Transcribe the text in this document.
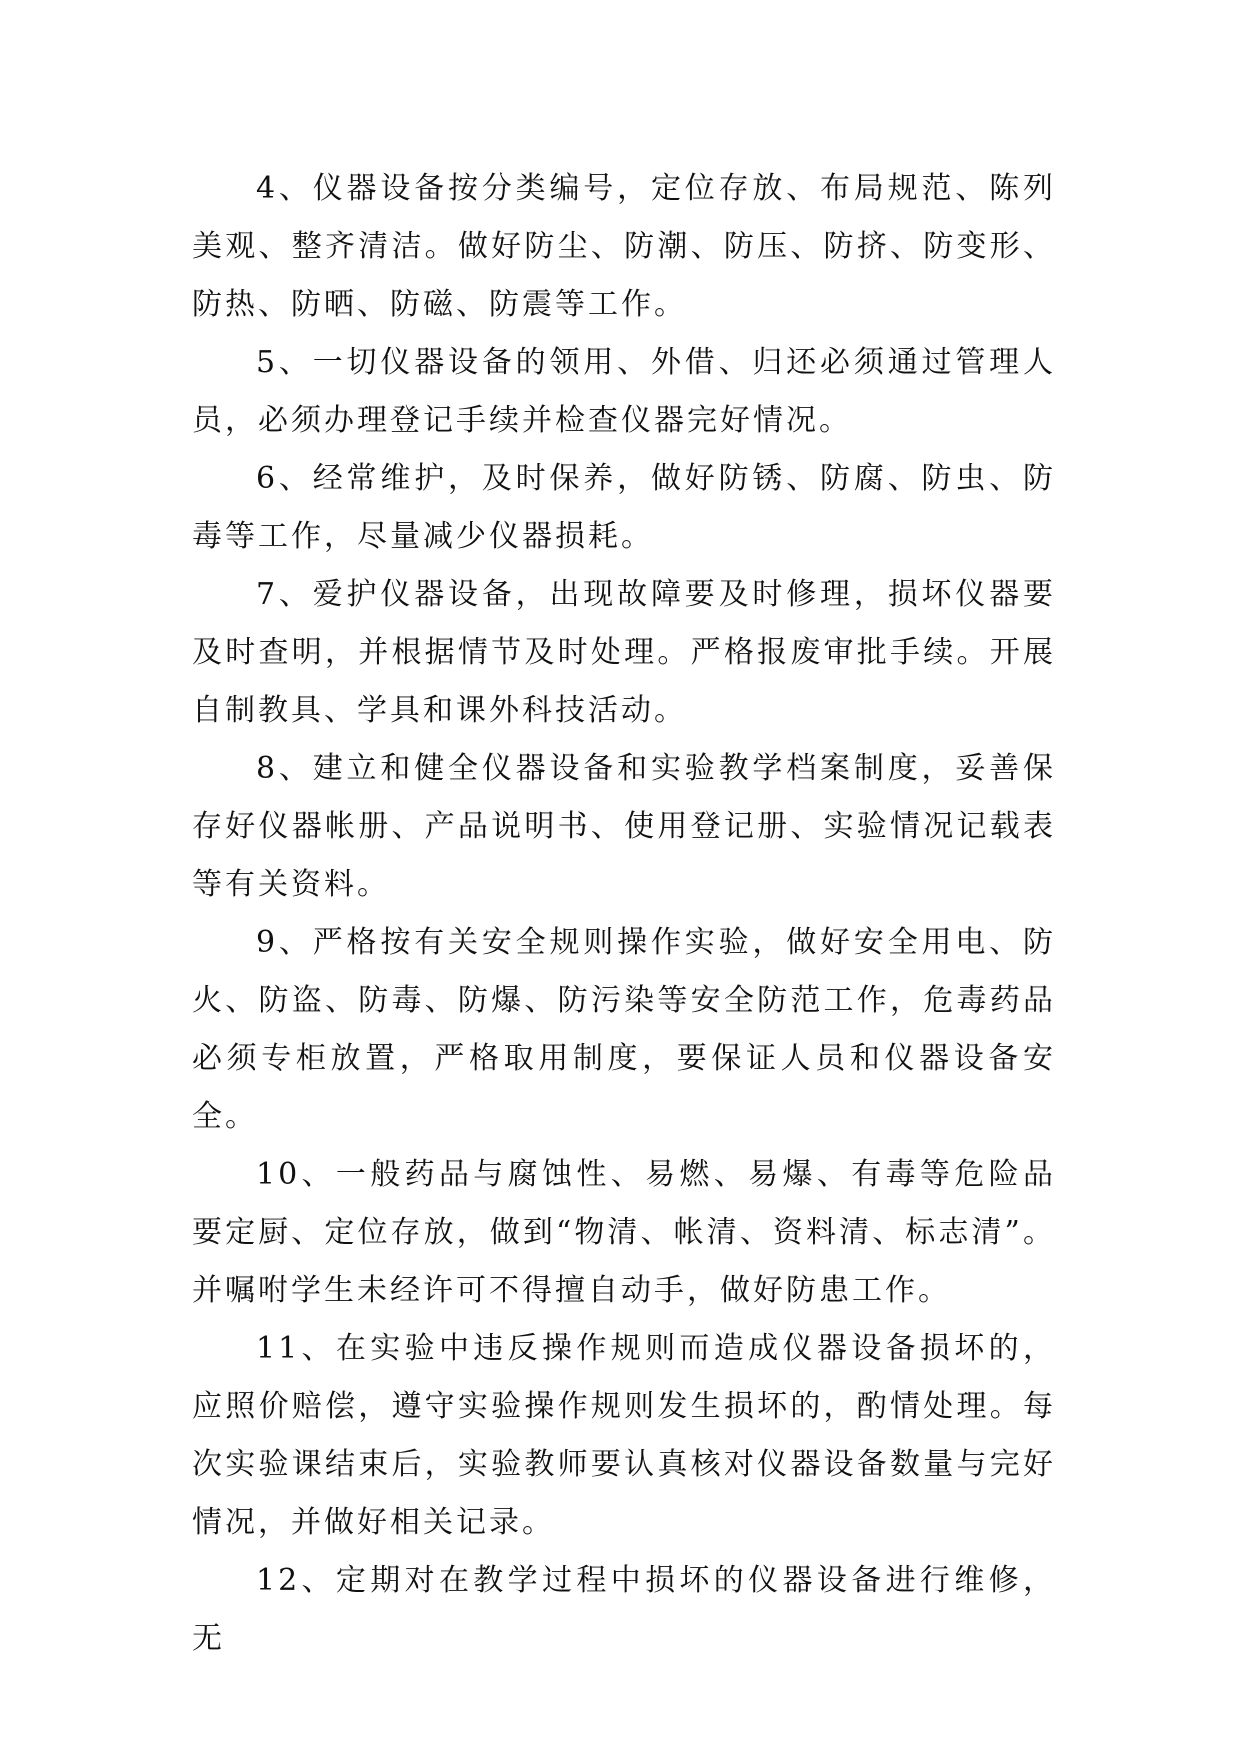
4、仪器设备按分类编号，定位存放、布局规范、陈列美观、整齐清洁。做好防尘、防潮、防压、防挤、防变形、防热、防晒、防磁、防震等工作。

5、一切仪器设备的领用、外借、归还必须通过管理人员，必须办理登记手续并检查仪器完好情况。

6、经常维护，及时保养，做好防锈、防腐、防虫、防毒等工作，尽量减少仪器损耗。

7、爱护仪器设备，出现故障要及时修理，损坏仪器要及时查明，并根据情节及时处理。严格报废审批手续。开展自制教具、学具和课外科技活动。

8、建立和健全仪器设备和实验教学档案制度，妥善保存好仪器帐册、产品说明书、使用登记册、实验情况记载表等有关资料。

9、严格按有关安全规则操作实验，做好安全用电、防火、防盗、防毒、防爆、防污染等安全防范工作，危毒药品必须专柜放置，严格取用制度，要保证人员和仪器设备安全。

10、一般药品与腐蚀性、易燃、易爆、有毒等危险品要定厨、定位存放，做到“物清、帐清、资料清、标志清”。并嘱咐学生未经许可不得擅自动手，做好防患工作。

11、在实验中违反操作规则而造成仪器设备损坏的，应照价赔偿，遵守实验操作规则发生损坏的，酌情处理。每次实验课结束后，实验教师要认真核对仪器设备数量与完好情况，并做好相关记录。

12、定期对在教学过程中损坏的仪器设备进行维修，无
